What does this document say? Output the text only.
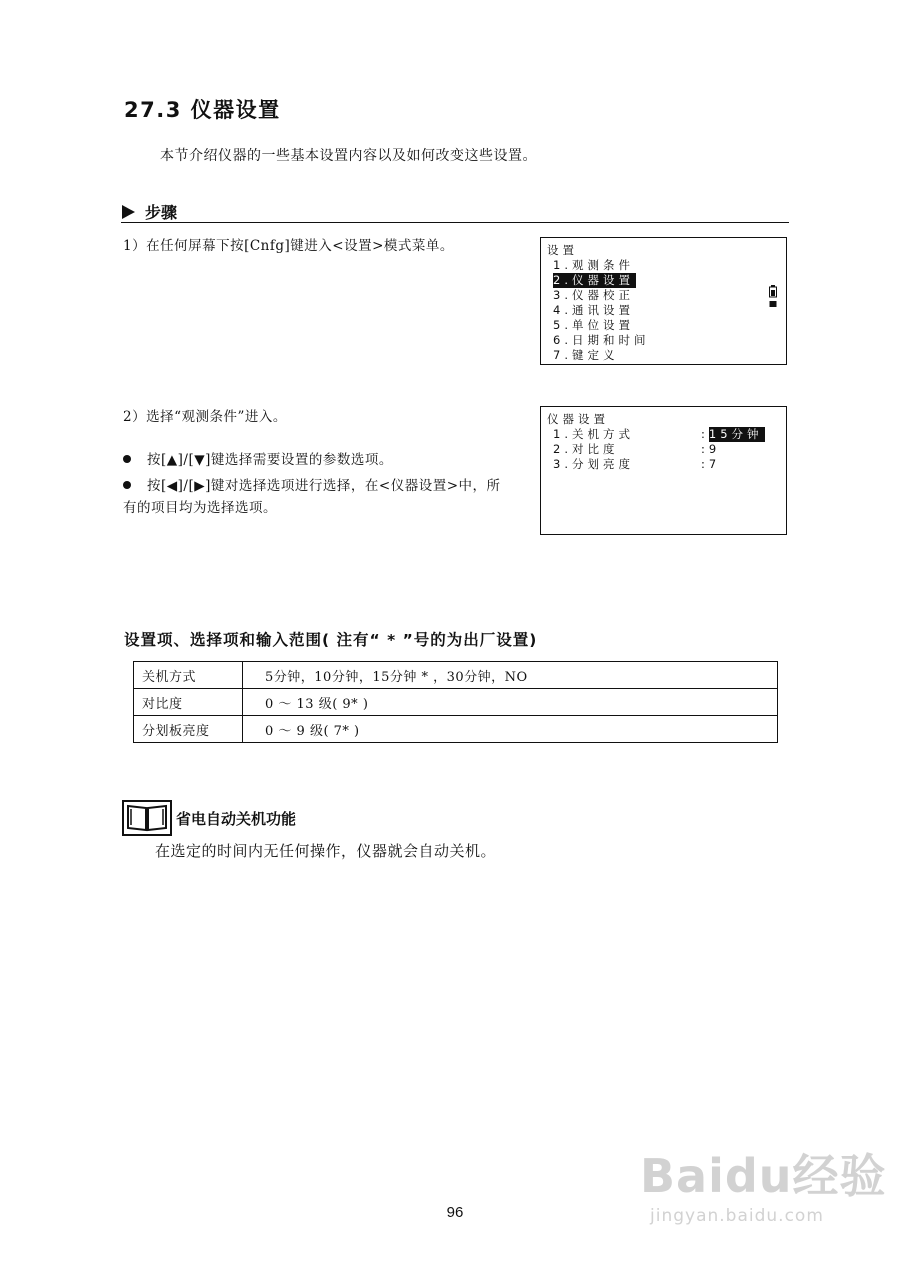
27.3 仪器设置
本节介绍仪器的一些基本设置内容以及如何改变这些设置。
步骤
1）在任何屏幕下按[Cnfg]键进入<设置>模式菜单。	设置
1.观测条件
2.仪器设置
3.仪器校正
4.通讯设置
5.单位设置
6.日期和时间
7.键定义
2）选择“观测条件”进入。
按[▲]/[▼]键选择需要设置的参数选项。
按[◀]/[▶]键对选择选项进行选择，在<仪器设置>中，所有的项目均为选择选项。
仪器设置
1.关机方式	:15分钟
2.对比度	:9
3.分划亮度	:7
设置项、选择项和输入范围( 注有“ * ”号的为出厂设置)
关机方式	5分钟，10分钟，15分钟 * ，30分钟，NO
对比度	0 ～ 13 级( 9* )
分划板亮度	0 ～ 9 级( 7* )
省电自动关机功能
在选定的时间内无任何操作，仪器就会自动关机。
Baidu经验
jingyan.baidu.com
96
